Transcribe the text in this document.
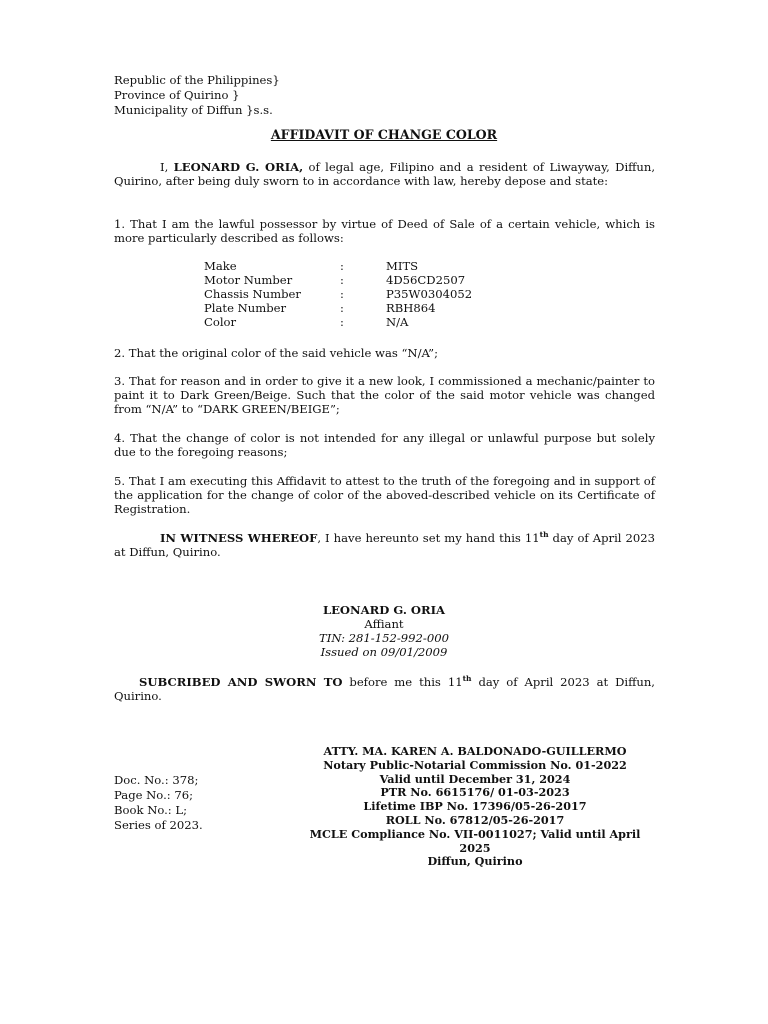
Republic of the Philippines}
Province of Quirino }
Municipality of Diffun }s.s.
AFFIDAVIT OF CHANGE COLOR
I, LEONARD G. ORIA, of legal age, Filipino and a resident of Liwayway, Diffun, Quirino, after being duly sworn to in accordance with law, hereby depose and state:
1. That I am the lawful possessor by virtue of Deed of Sale of a certain vehicle, which is more particularly described as follows:
Make	:	MITS
Motor Number	:	4D56CD2507
Chassis Number	:	P35W0304052
Plate Number	:	RBH864
Color	:	N/A
2. That the original color of the said vehicle was “N/A”;
3. That for reason and in order to give it a new look, I commissioned a mechanic/painter to paint it to Dark Green/Beige. Such that the color of the said motor vehicle was changed from “N/A” to “DARK GREEN/BEIGE”;
4. That the change of color is not intended for any illegal or unlawful purpose but solely due to the foregoing reasons;
5. That I am executing this Affidavit to attest to the truth of the foregoing and in support of the application for the change of color of the aboved-described vehicle on its Certificate of Registration.
IN WITNESS WHEREOF, I have hereunto set my hand this 11th day of April 2023 at Diffun, Quirino.
LEONARD G. ORIA
Affiant
TIN: 281-152-992-000
Issued on 09/01/2009
SUBCRIBED AND SWORN TO before me this 11th day of April 2023 at Diffun, Quirino.
ATTY. MA. KAREN A. BALDONADO-GUILLERMO
Notary Public-Notarial Commission No. 01-2022
Valid until December 31, 2024
PTR No. 6615176/ 01-03-2023
Lifetime IBP No. 17396/05-26-2017
ROLL No. 67812/05-26-2017
MCLE Compliance No. VII-0011027; Valid until April 2025
Diffun, Quirino
Doc. No.: 378;
Page No.: 76;
Book No.: L;
Series of 2023.
